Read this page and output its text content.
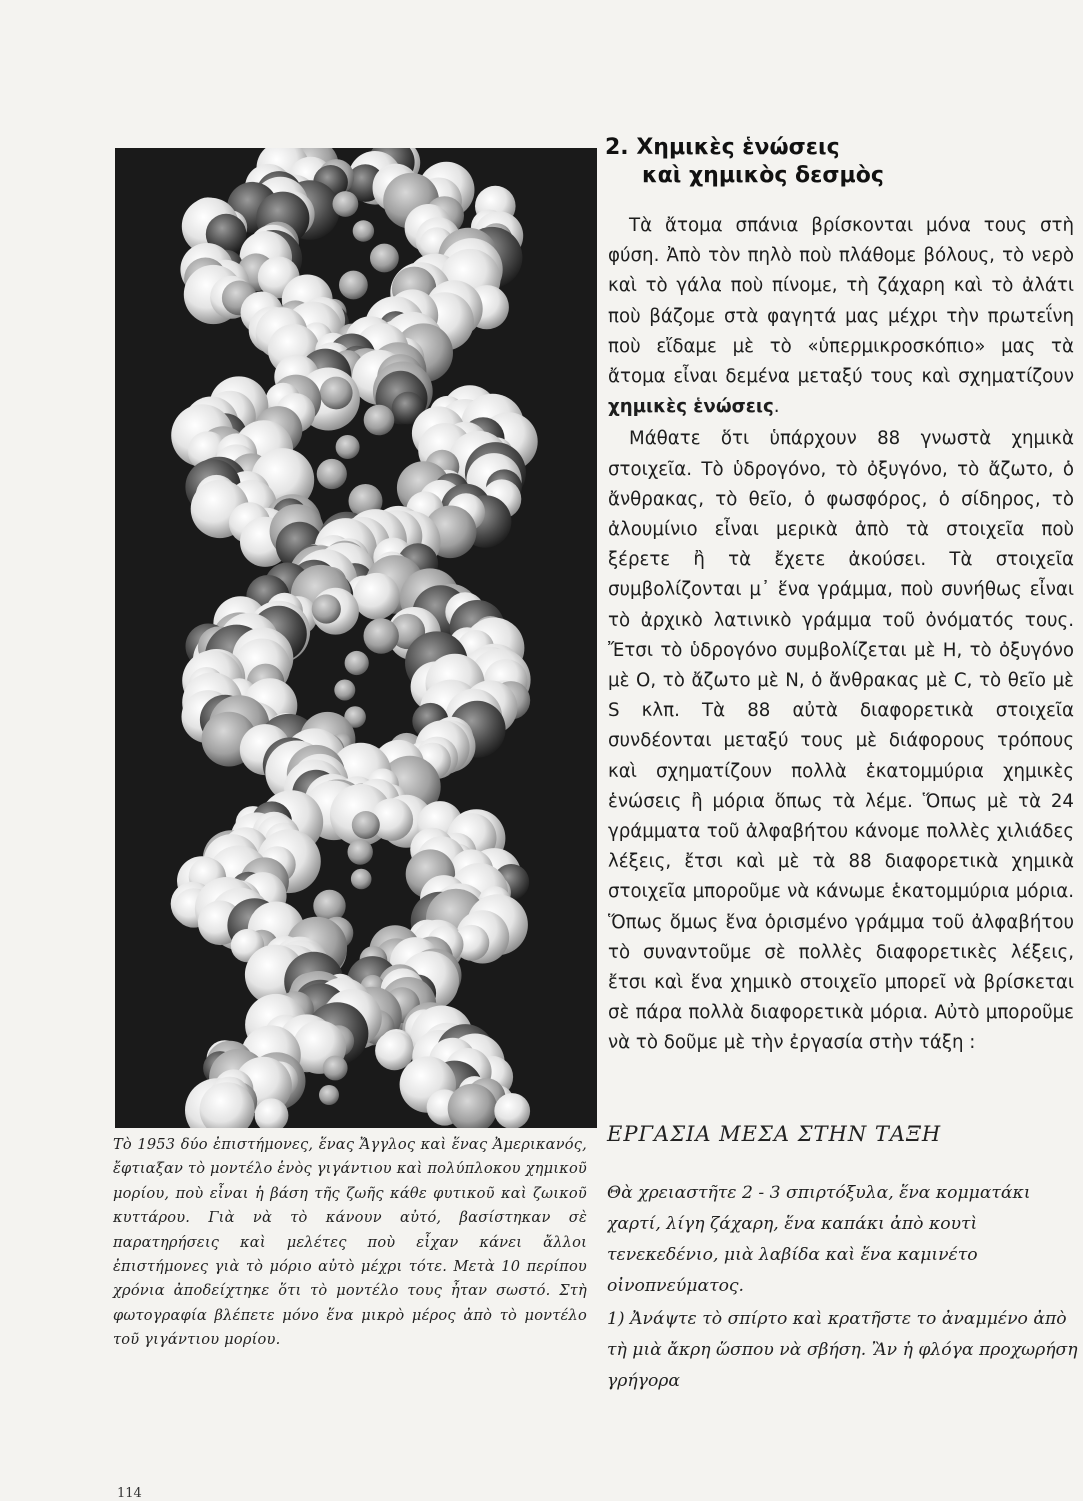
Τὸ 1953 δύο ἐπιστήμονες, ἕνας Ἄγγλος καὶ ἕνας Ἀμερικανός, ἔφτιαξαν τὸ μοντέλο ἑνὸς γιγάντιου καὶ πολύπλοκου χημικοῦ μορίου, ποὺ εἶναι ἡ βάση τῆς ζωῆς κάθε φυτικοῦ καὶ ζωικοῦ κυττάρου. Γιὰ νὰ τὸ κάνουν αὐτό, βασίστηκαν σὲ παρατηρήσεις καὶ μελέτες ποὺ εἶχαν κάνει ἄλλοι ἐπιστήμονες γιὰ τὸ μόριο αὐτὸ μέχρι τότε. Μετὰ 10 περίπου χρόνια ἀποδείχτηκε ὅτι τὸ μοντέλο τους ἦταν σωστό. Στὴ φωτογραφία βλέπετε μόνο ἕνα μικρὸ μέρος ἀπὸ τὸ μοντέλο τοῦ γιγάντιου μορίου.
114
2. Χημικὲς ἑνώσεις
καὶ χημικὸς δεσμὸς

Τὰ ἄτομα σπάνια βρίσκονται μόνα τους στὴ φύση. Ἀπὸ τὸν πηλὸ ποὺ πλάθομε βόλους, τὸ νερὸ καὶ τὸ γάλα ποὺ πίνομε, τὴ ζάχαρη καὶ τὸ ἀλάτι ποὺ βάζομε στὰ φαγητά μας μέχρι τὴν πρωτεΐνη ποὺ εἴδαμε μὲ τὸ «ὑπερμικροσκόπιο» μας τὰ ἄτομα εἶναι δεμένα μεταξύ τους καὶ σχηματίζουν χημικὲς ἑνώσεις.

Μάθατε ὅτι ὑπάρχουν 88 γνωστὰ χημικὰ στοιχεῖα. Τὸ ὑδρογόνο, τὸ ὀξυγόνο, τὸ ἄζωτο, ὁ ἄνθρακας, τὸ θεῖο, ὁ φωσφόρος, ὁ σίδηρος, τὸ ἀλουμίνιο εἶναι μερικὰ ἀπὸ τὰ στοιχεῖα ποὺ ξέρετε ἢ τὰ ἔχετε ἀκούσει. Τὰ στοιχεῖα συμβολίζονται μ᾿ ἕνα γράμμα, ποὺ συνήθως εἶναι τὸ ἀρχικὸ λατινικὸ γράμμα τοῦ ὀνόματός τους. Ἔτσι τὸ ὑδρογόνο συμβολίζεται μὲ Η, τὸ ὀξυγόνο μὲ Ο, τὸ ἄζωτο μὲ Ν, ὁ ἄνθρακας μὲ C, τὸ θεῖο μὲ S κλπ. Τὰ 88 αὐτὰ διαφορετικὰ στοιχεῖα συνδέονται μεταξύ τους μὲ διάφορους τρόπους καὶ σχηματίζουν πολλὰ ἑκατομμύρια χημικὲς ἑνώσεις ἢ μόρια ὅπως τὰ λέμε. Ὅπως μὲ τὰ 24 γράμματα τοῦ ἀλφαβήτου κάνομε πολλὲς χιλιάδες λέξεις, ἔτσι καὶ μὲ τὰ 88 διαφορετικὰ χημικὰ στοιχεῖα μποροῦμε νὰ κάνωμε ἑκατομμύρια μόρια. Ὅπως ὅμως ἕνα ὁρισμένο γράμμα τοῦ ἀλφαβήτου τὸ συναντοῦμε σὲ πολλὲς διαφορετικὲς λέξεις, ἔτσι καὶ ἕνα χημικὸ στοιχεῖο μπορεῖ νὰ βρίσκεται σὲ πάρα πολλὰ διαφορετικὰ μόρια. Αὐτὸ μποροῦμε νὰ τὸ δοῦμε μὲ τὴν ἐργασία στὴν τάξη :

ΕΡΓΑΣΙΑ ΜΕΣΑ ΣΤΗΝ ΤΑΞΗ

Θὰ χρειαστῆτε 2 - 3 σπιρτόξυλα, ἕνα κομματάκι χαρτί, λίγη ζάχαρη, ἕνα καπάκι ἀπὸ κουτὶ τενεκεδένιο, μιὰ λαβίδα καὶ ἕνα καμινέτο οἰνοπνεύματος.

1) Ἀνάψτε τὸ σπίρτο καὶ κρατῆστε το ἀναμμένο ἀπὸ τὴ μιὰ ἄκρη ὥσπου νὰ σβήση. Ἂν ἡ φλόγα προχωρήση γρήγορα
